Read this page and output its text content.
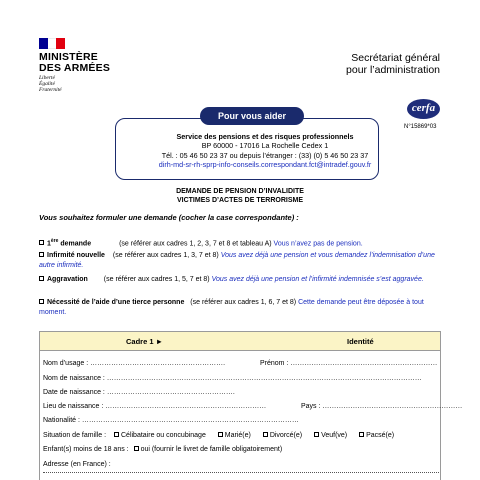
MINISTÈRE
DES ARMÉES
Liberté
Égalité
Fraternité
Secrétariat général
pour l’administration
Pour vous aider
Service des pensions et des risques professionnels
BP 60000 - 17016 La Rochelle Cedex 1
Tél. : 05 46 50 23 37 ou depuis l’étranger : (33) (0) 5 46 50 23 37
dirh-md-sr-rh-sprp-info-conseils.correspondant.fct@intradef.gouv.fr
cerfa
N°15869*03
DEMANDE DE PENSION D’INVALIDITE
VICTIMES D’ACTES DE TERRORISME
Vous souhaitez formuler une demande (cocher la case correspondante) :
1ère demande	(se référer aux cadres 1, 2, 3, 7 et 8 et tableau A) Vous n’avez pas de pension.
Infirmité nouvelle (se référer aux cadres 1, 3, 7 et 8) Vous avez déjà une pension et vous demandez l’indemnisation d’une autre infirmité.
Aggravation (se référer aux cadres 1, 5, 7 et 8) Vous avez déjà une pension et l’infirmité indemnisée s’est aggravée.
Nécessité de l’aide d’une tierce personne (se référer aux cadres 1, 6, 7 et 8) Cette demande peut être déposée à tout moment.
Cadre 1 ►	Identité
Nom d’usage : ………………………………………………….	Prénom : ………………………………………………………
Nom de naissance : ………………………………………………………………………………………………………………………
Date de naissance : ……………………………………………….
Lieu de naissance : ……………………………………………………………	Pays : ……………………………………………………
Nationalité : …………………………………………………………………………………
Situation de famille : Célibataire ou concubinage	Marié(e)	Divorcé(e)	Veuf(ve)	Pacsé(e)
Enfant(s) moins de 18 ans : oui (fournir le livret de famille obligatoirement)
Adresse (en France) :
